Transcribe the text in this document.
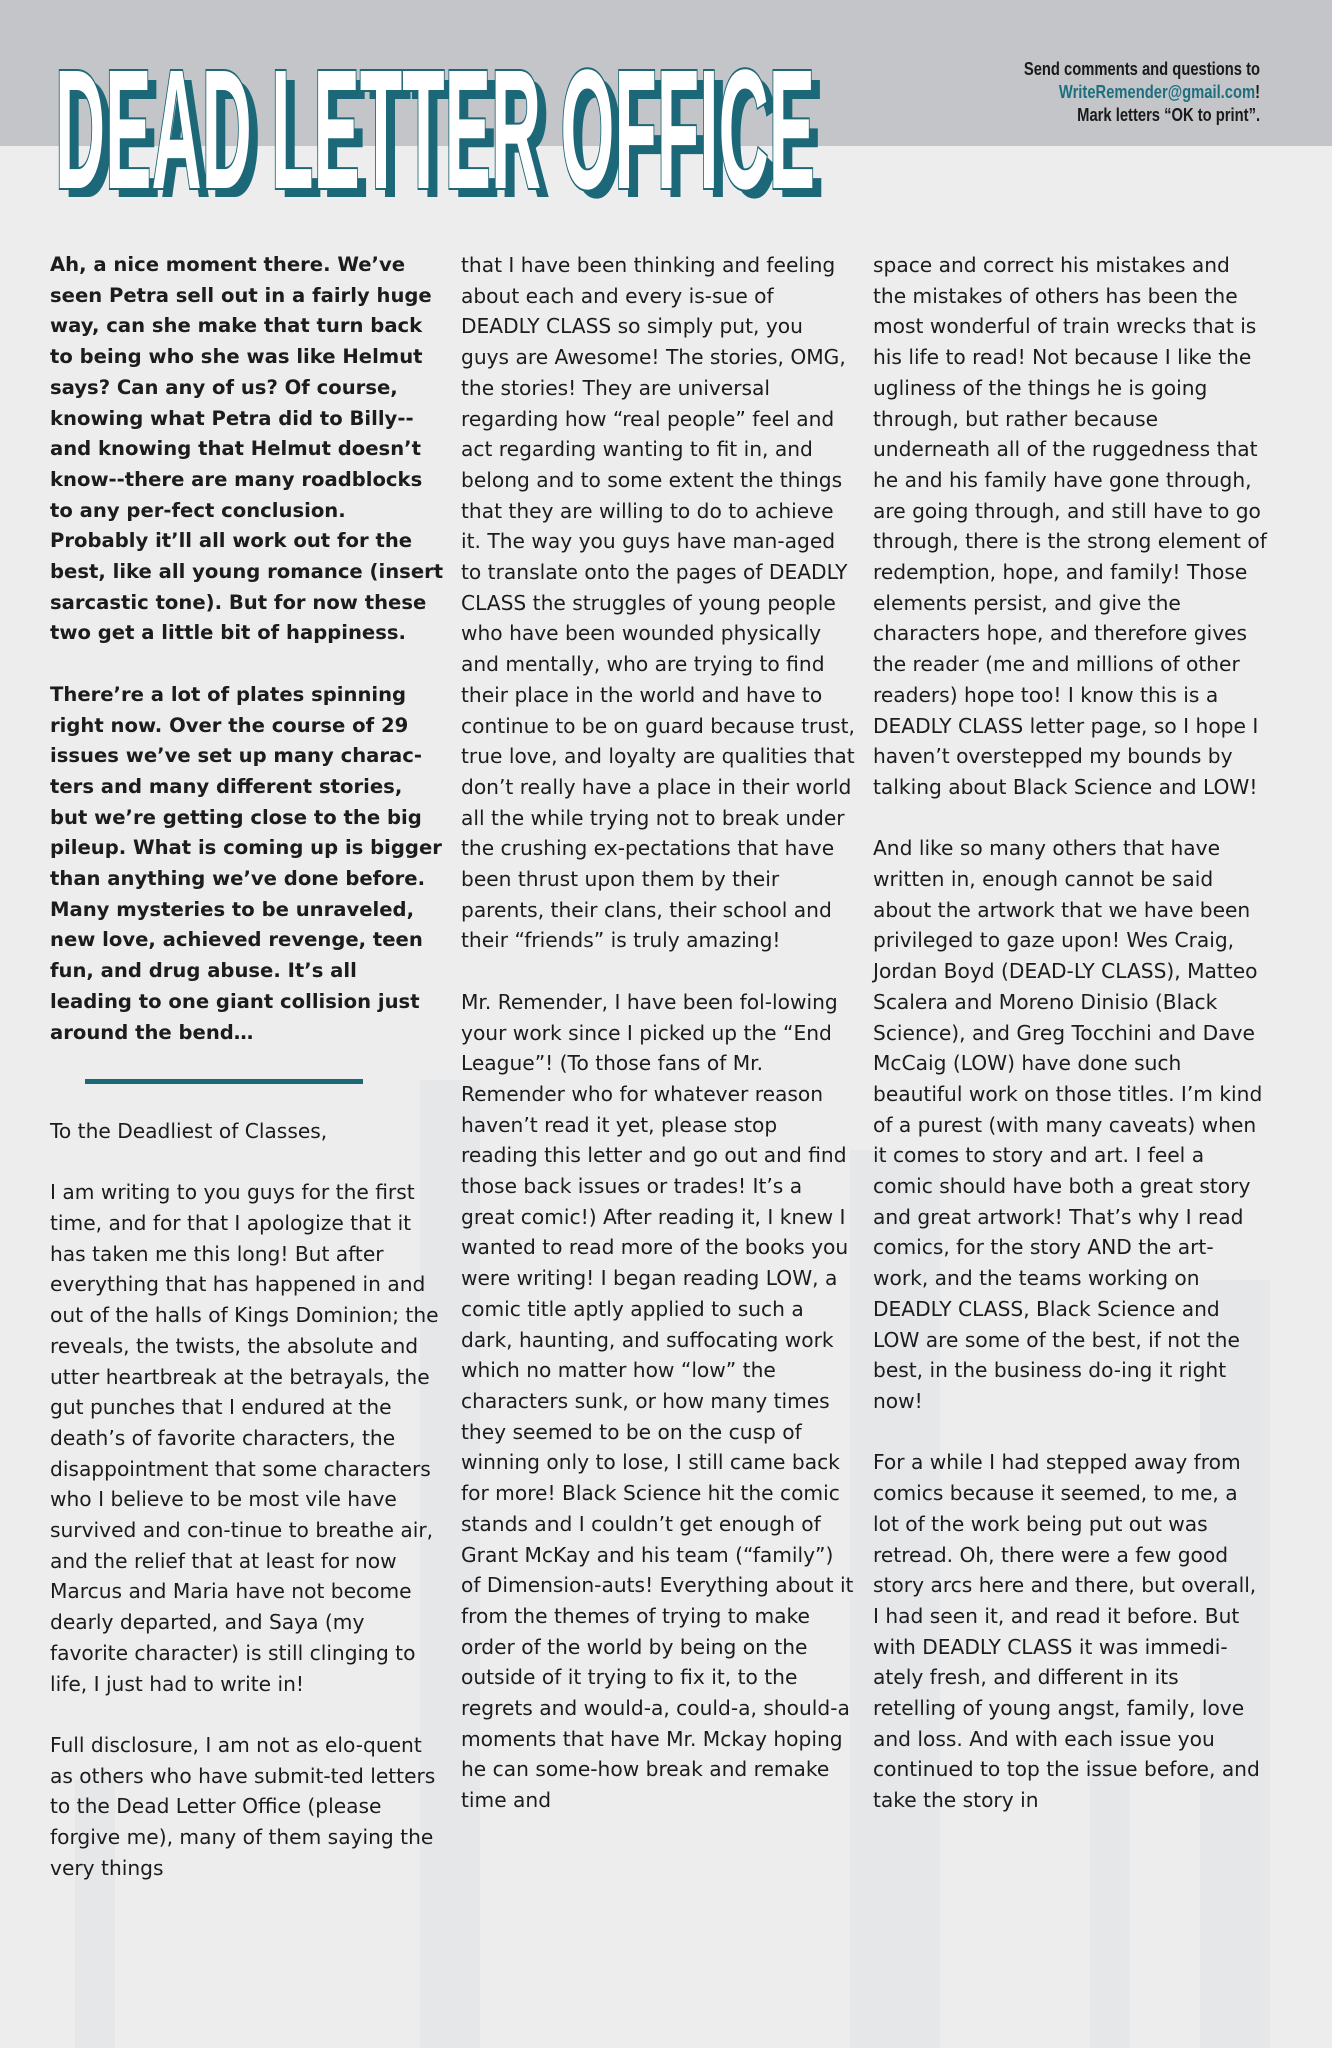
DEAD LETTER OFFICE
DEAD LETTER OFFICE	Send comments and questions to
WriteRemender@gmail.com!
Mark letters “OK to print”.

Ah, a nice moment there. We’ve seen Petra sell out in a fairly huge way, can she make that turn back to being who she was like Helmut says? Can any of us? Of course, knowing what Petra did to Billy--and knowing that Helmut doesn’t know--there are many roadblocks to any per-fect conclusion. Probably it’ll all work out for the best, like all young romance (insert sarcastic tone). But for now these two get a little bit of happiness.

There’re a lot of plates spinning right now. Over the course of 29 issues we’ve set up many charac-ters and many different stories, but we’re getting close to the big pileup. What is coming up is bigger than anything we’ve done before. Many mysteries to be unraveled, new love, achieved revenge, teen fun, and drug abuse. It’s all leading to one giant collision just around the bend…

To the Deadliest of Classes,

I am writing to you guys for the first time, and for that I apologize that it has taken me this long! But after everything that has happened in and out of the halls of Kings Dominion; the reveals, the twists, the absolute and utter heartbreak at the betrayals, the gut punches that I endured at the death’s of favorite characters, the disappointment that some characters who I believe to be most vile have survived and con-tinue to breathe air, and the relief that at least for now Marcus and Maria have not become dearly departed, and Saya (my favorite character) is still clinging to life, I just had to write in!

Full disclosure, I am not as elo-quent as others who have submit-ted letters to the Dead Letter Office (please forgive me), many of them saying the very things

that I have been thinking and feeling about each and every is-sue of DEADLY CLASS so simply put, you guys are Awesome! The stories, OMG, the stories! They are universal regarding how “real people” feel and act regarding wanting to fit in, and belong and to some extent the things that they are willing to do to achieve it. The way you guys have man-aged to translate onto the pages of DEADLY CLASS the struggles of young people who have been wounded physically and mentally, who are trying to find their place in the world and have to continue to be on guard because trust, true love, and loyalty are qualities that don’t really have a place in their world all the while trying not to break under the crushing ex-pectations that have been thrust upon them by their parents, their clans, their school and their “friends” is truly amazing!

Mr. Remender, I have been fol-lowing your work since I picked up the “End League”! (To those fans of Mr. Remender who for whatever reason haven’t read it yet, please stop reading this letter and go out and find those back issues or trades! It’s a great comic!) After reading it, I knew I wanted to read more of the books you were writing! I began reading LOW, a comic title aptly applied to such a dark, haunting, and suffocating work which no matter how “low” the characters sunk, or how many times they seemed to be on the cusp of winning only to lose, I still came back for more! Black Science hit the comic stands and I couldn’t get enough of Grant McKay and his team (“family”) of Dimension-auts! Everything about it from the themes of trying to make order of the world by being on the outside of it trying to fix it, to the regrets and would-a, could-a, should-a moments that have Mr. Mckay hoping he can some-how break and remake time and

space and correct his mistakes and the mistakes of others has been the most wonderful of train wrecks that is his life to read! Not because I like the ugliness of the things he is going through, but rather because underneath all of the ruggedness that he and his family have gone through, are going through, and still have to go through, there is the strong element of redemption, hope, and family! Those elements persist, and give the characters hope, and therefore gives the reader (me and millions of other readers) hope too! I know this is a DEADLY CLASS letter page, so I hope I haven’t overstepped my bounds by talking about Black Science and LOW!

And like so many others that have written in, enough cannot be said about the artwork that we have been privileged to gaze upon! Wes Craig, Jordan Boyd (DEAD-LY CLASS), Matteo Scalera and Moreno Dinisio (Black Science), and Greg Tocchini and Dave McCaig (LOW) have done such beautiful work on those titles. I’m kind of a purest (with many caveats) when it comes to story and art. I feel a comic should have both a great story and great artwork! That’s why I read comics, for the story AND the art-work, and the teams working on DEADLY CLASS, Black Science and LOW are some of the best, if not the best, in the business do-ing it right now!

For a while I had stepped away from comics because it seemed, to me, a lot of the work being put out was retread. Oh, there were a few good story arcs here and there, but overall, I had seen it, and read it before. But with DEADLY CLASS it was immedi-ately fresh, and different in its retelling of young angst, family, love and loss. And with each issue you continued to top the issue before, and take the story in
